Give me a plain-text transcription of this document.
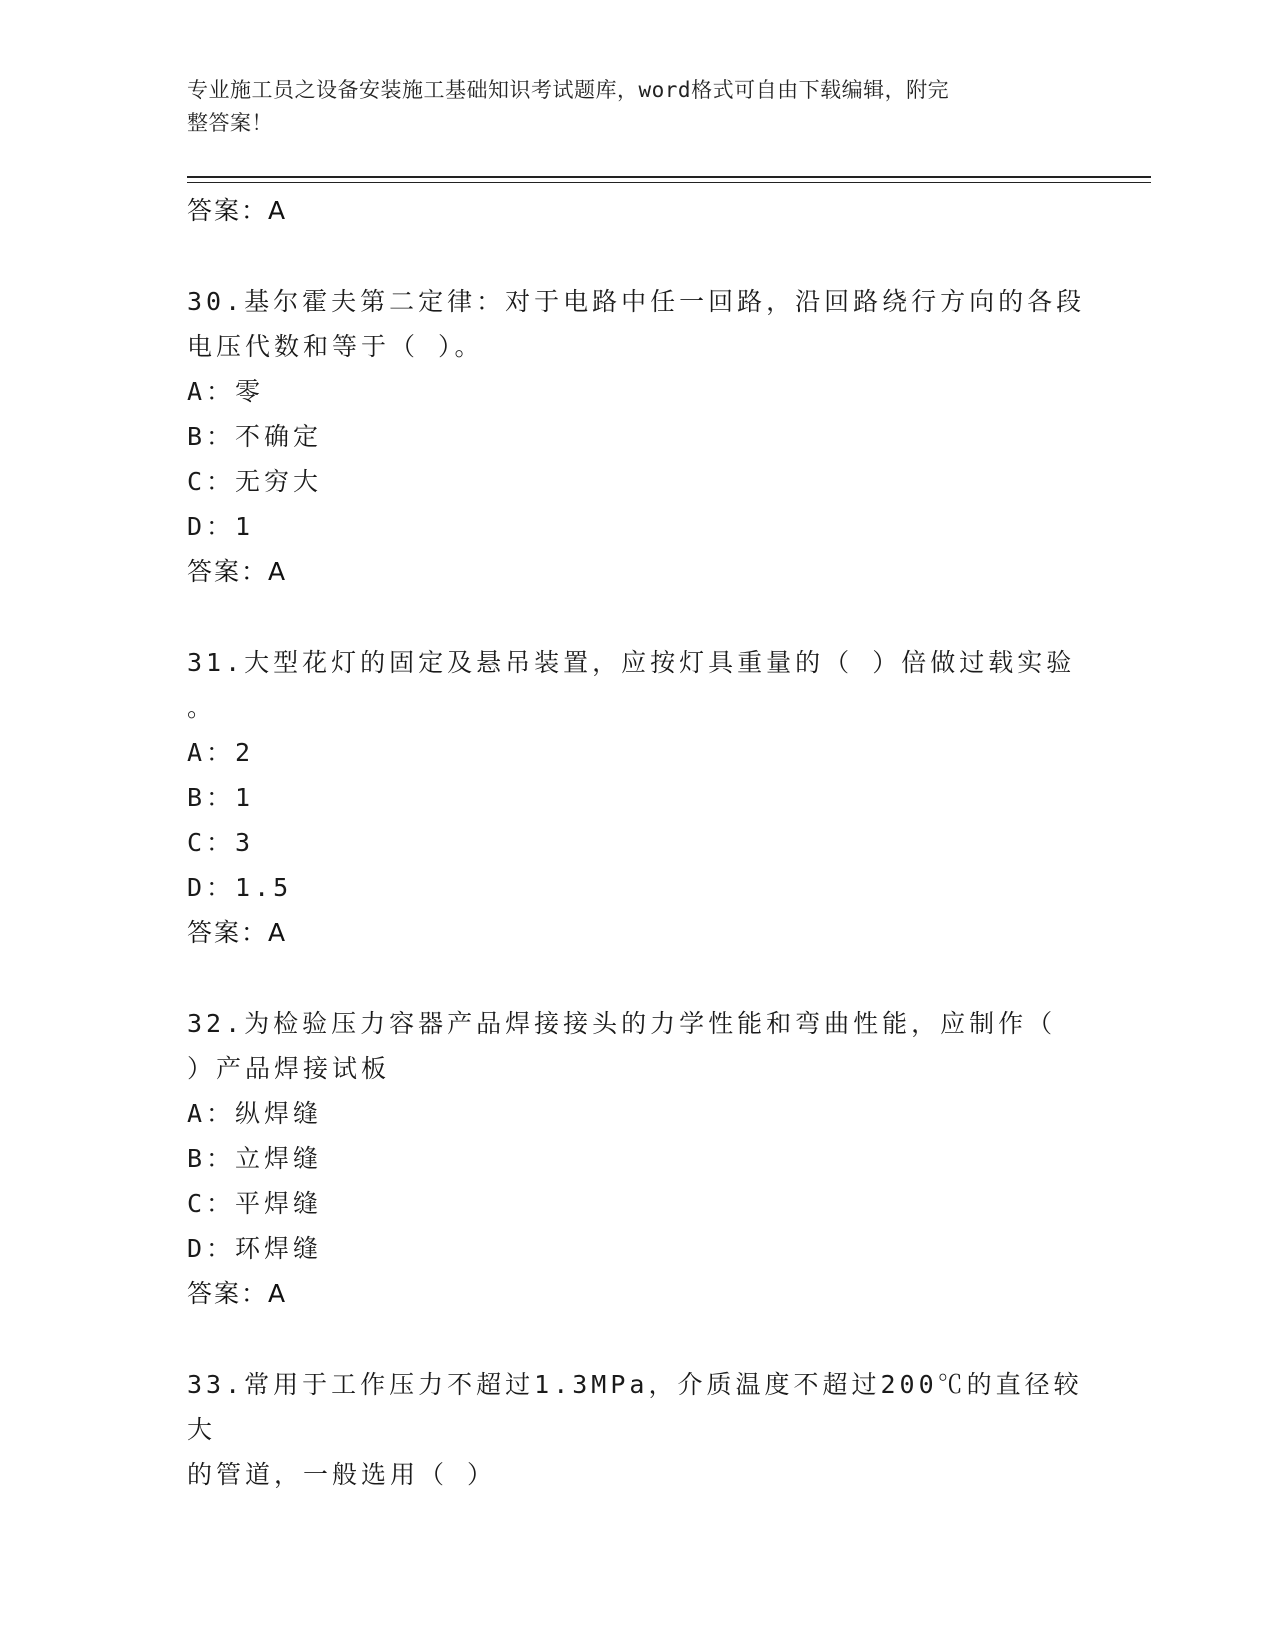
专业施工员之设备安装施工基础知识考试题库，word格式可自由下载编辑，附完
整答案！
答案：A
30.基尔霍夫第二定律：对于电路中任一回路，沿回路绕行方向的各段
电压代数和等于（ ）。
A：零
B：不确定
C：无穷大
D：1
答案：A
31.大型花灯的固定及悬吊装置，应按灯具重量的（ ）倍做过载实验
。
A：2
B：1
C：3
D：1.5
答案：A
32.为检验压力容器产品焊接接头的力学性能和弯曲性能，应制作（
）产品焊接试板
A：纵焊缝
B：立焊缝
C：平焊缝
D：环焊缝
答案：A
33.常用于工作压力不超过1.3MPa，介质温度不超过200℃的直径较大
的管道，一般选用（ ）
